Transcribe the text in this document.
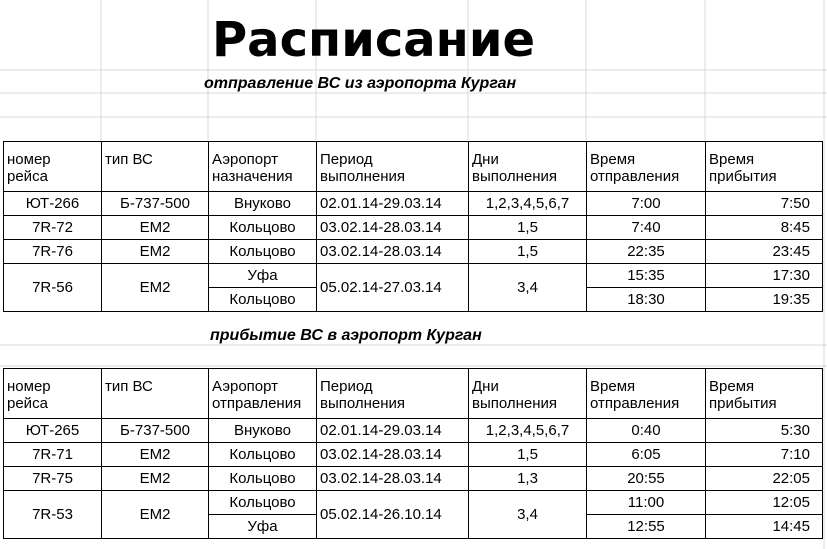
Расписание
отправление ВС из аэропорта Курган
прибытие ВС в аэропорт Курган
номер	тип ВС	Аэропорт	Период	Дни	Время	Время
рейса		назначения	выполнения	выполнения	отправления	прибытия
ЮТ-266	Б-737-500	Внуково	02.01.14-29.03.14	1,2,3,4,5,6,7	7:00	7:50
7R-72	ЕМ2	Кольцово	03.02.14-28.03.14	1,5	7:40	8:45
7R-76	ЕМ2	Кольцово	03.02.14-28.03.14	1,5	22:35	23:45
7R-56	ЕМ2	Уфа	05.02.14-27.03.14	3,4	15:35	17:30
		Кольцово			18:30	19:35
номер	тип ВС	Аэропорт	Период	Дни	Время	Время
рейса		отправления	выполнения	выполнения	отправления	прибытия
ЮТ-265	Б-737-500	Внуково	02.01.14-29.03.14	1,2,3,4,5,6,7	0:40	5:30
7R-71	ЕМ2	Кольцово	03.02.14-28.03.14	1,5	6:05	7:10
7R-75	ЕМ2	Кольцово	03.02.14-28.03.14	1,3	20:55	22:05
7R-53	ЕМ2	Кольцово	05.02.14-26.10.14	3,4	11:00	12:05
		Уфа			12:55	14:45
